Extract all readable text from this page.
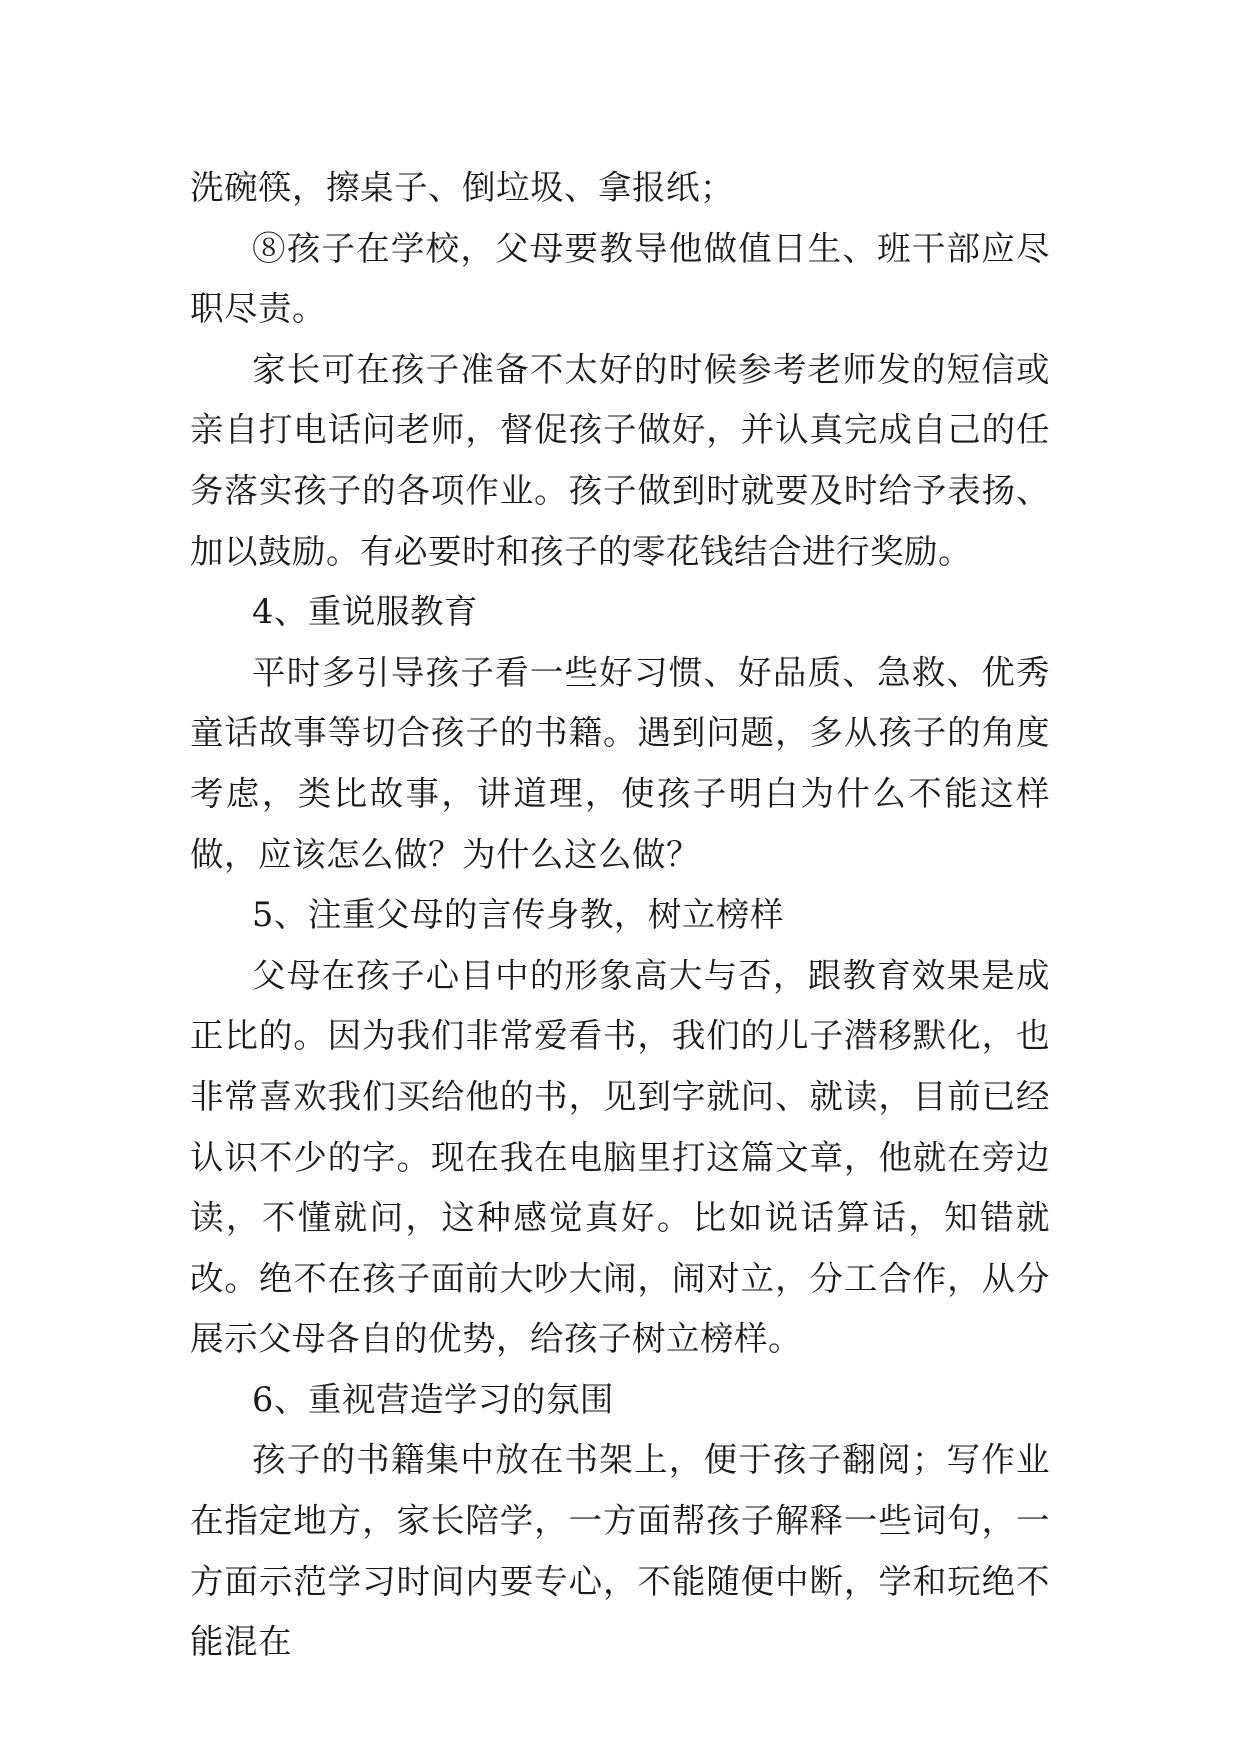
洗碗筷，擦桌子、倒垃圾、拿报纸；

⑧孩子在学校，父母要教导他做值日生、班干部应尽职尽责。

家长可在孩子准备不太好的时候参考老师发的短信或亲自打电话问老师，督促孩子做好，并认真完成自己的任务落实孩子的各项作业。孩子做到时就要及时给予表扬、加以鼓励。有必要时和孩子的零花钱结合进行奖励。

4、重说服教育

平时多引导孩子看一些好习惯、好品质、急救、优秀童话故事等切合孩子的书籍。遇到问题，多从孩子的角度考虑，类比故事，讲道理，使孩子明白为什么不能这样做，应该怎么做？为什么这么做？

5、注重父母的言传身教，树立榜样

父母在孩子心目中的形象高大与否，跟教育效果是成正比的。因为我们非常爱看书，我们的儿子潜移默化，也非常喜欢我们买给他的书，见到字就问、就读，目前已经认识不少的字。现在我在电脑里打这篇文章，他就在旁边读，不懂就问，这种感觉真好。比如说话算话，知错就改。绝不在孩子面前大吵大闹，闹对立，分工合作，从分展示父母各自的优势，给孩子树立榜样。

6、重视营造学习的氛围

孩子的书籍集中放在书架上，便于孩子翻阅；写作业在指定地方，家长陪学，一方面帮孩子解释一些词句，一方面示范学习时间内要专心，不能随便中断，学和玩绝不能混在
